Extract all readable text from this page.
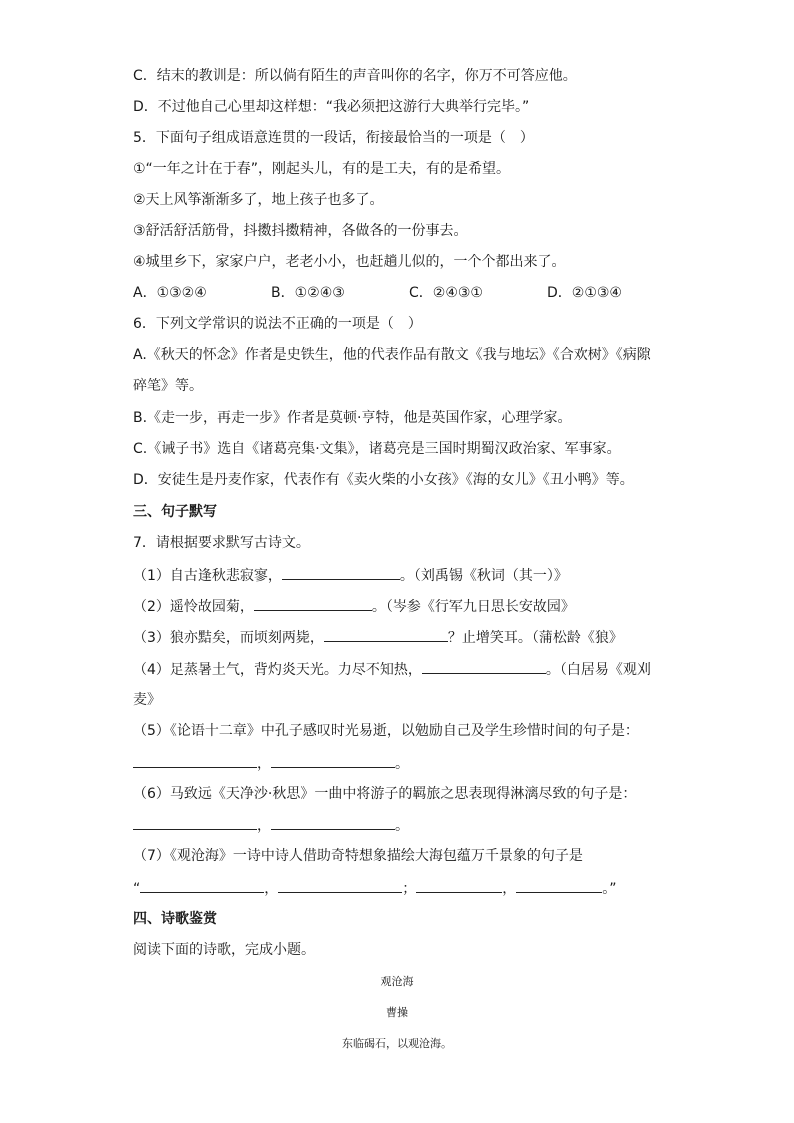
C．结末的教训是：所以倘有陌生的声音叫你的名字，你万不可答应他。
D．不过他自己心里却这样想：“我必须把这游行大典举行完毕。”
5．下面句子组成语意连贯的一段话，衔接最恰当的一项是（　）
①“一年之计在于春”，刚起头儿，有的是工夫，有的是希望。
②天上风筝渐渐多了，地上孩子也多了。
③舒活舒活筋骨，抖擞抖擞精神，各做各的一份事去。
④城里乡下，家家户户，老老小小，也赶趟儿似的，一个个都出来了。
A．①③②④	B．①②④③	C．②④③①	D．②①③④
6．下列文学常识的说法不正确的一项是（　）
A.《秋天的怀念》作者是史铁生，他的代表作品有散文《我与地坛》《合欢树》《病隙
碎笔》等。
B.《走一步，再走一步》作者是莫顿·亨特，他是英国作家，心理学家。
C.《诫子书》选自《诸葛亮集·文集》，诸葛亮是三国时期蜀汉政治家、军事家。
D．安徒生是丹麦作家，代表作有《卖火柴的小女孩》《海的女儿》《丑小鸭》等。
三、句子默写
7．请根据要求默写古诗文。
（1）自古逢秋悲寂寥，	。（刘禹锡《秋词（其一）》
（2）遥怜故园菊，	。（岑参《行军九日思长安故园》
（3）狼亦黠矣，而顷刻两毙，	？止增笑耳。（蒲松龄《狼》
（4）足蒸暑土气，背灼炎天光。力尽不知热，	。（白居易《观刈
麦》
（5）《论语十二章》中孔子感叹时光易逝，以勉励自己及学生珍惜时间的句子是：
，	。
（6）马致远《天净沙·秋思》一曲中将游子的羁旅之思表现得淋漓尽致的句子是：
，	。
（7）《观沧海》一诗中诗人借助奇特想象描绘大海包蕴万千景象的句子是
“	，	；	，	。”
四、诗歌鉴赏
阅读下面的诗歌，完成小题。
观沧海
曹操
东临碣石，以观沧海。
